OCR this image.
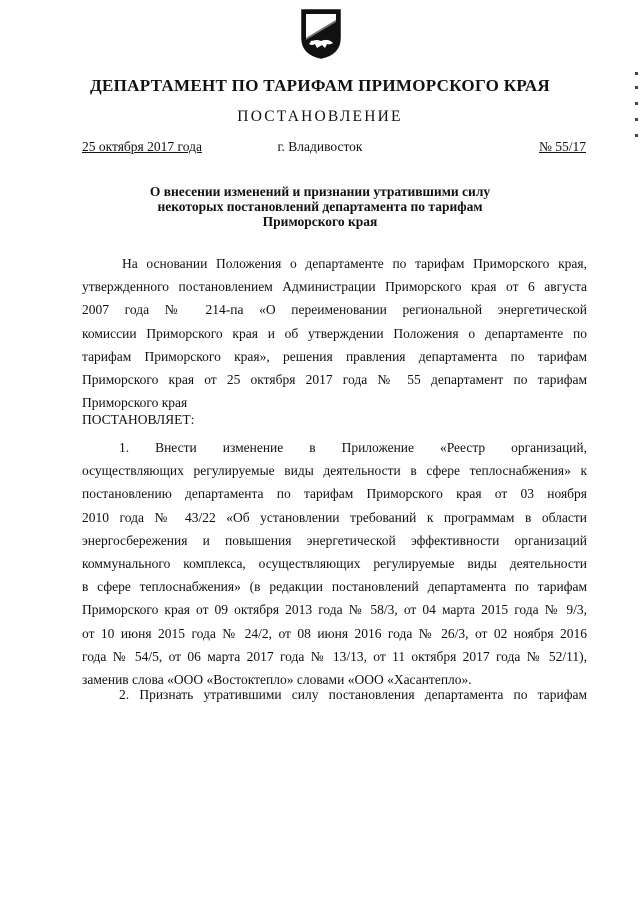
ДЕПАРТАМЕНТ ПО ТАРИФАМ ПРИМОРСКОГО КРАЯ
ПОСТАНОВЛЕНИЕ
25 октября 2017 года	г. Владивосток	№ 55/17
О внесении изменений и признании утратившими силу
некоторых постановлений департамента по тарифам
Приморского края
На основании Положения о департаменте по тарифам Приморского края,
утвержденного постановлением Администрации Приморского края от 6 августа
2007 года № 214-па «О переименовании региональной энергетической
комиссии Приморского края и об утверждении Положения о департаменте по
тарифам Приморского края», решения правления департамента по тарифам
Приморского края от 25 октября 2017 года № 55 департамент по тарифам
Приморского края
ПОСТАНОВЛЯЕТ:
1. Внести изменение в Приложение «Реестр организаций,
осуществляющих регулируемые виды деятельности в сфере теплоснабжения» к
постановлению департамента по тарифам Приморского края от 03 ноября
2010 года № 43/22 «Об установлении требований к программам в области
энергосбережения и повышения энергетической эффективности организаций
коммунального комплекса, осуществляющих регулируемые виды деятельности
в сфере теплоснабжения» (в редакции постановлений департамента по тарифам
Приморского края от 09 октября 2013 года № 58/3, от 04 марта 2015 года № 9/3,
от 10 июня 2015 года № 24/2, от 08 июня 2016 года № 26/3, от 02 ноября 2016
года № 54/5, от 06 марта 2017 года № 13/13, от 11 октября 2017 года № 52/11),
заменив слова «ООО «Востоктепло» словами «ООО «Хасантепло».
2. Признать утратившими силу постановления департамента по тарифам
